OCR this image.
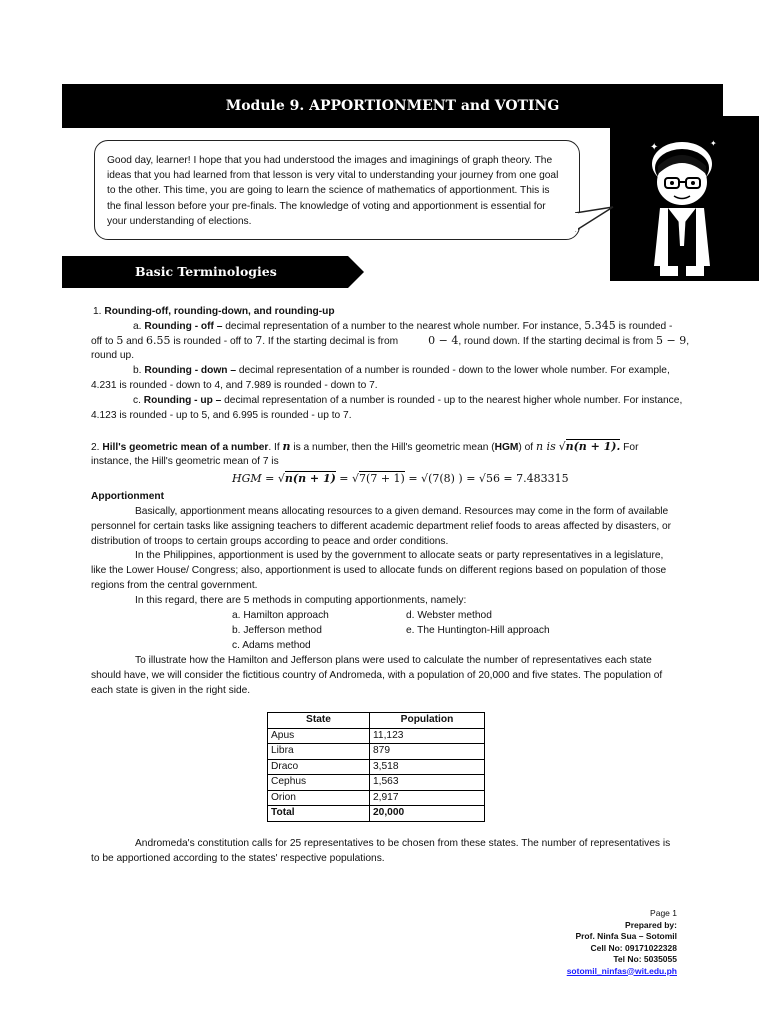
Module 9. APPORTIONMENT and VOTING
✦	✦
Good day, learner! I hope that you had understood the images and imaginings of graph theory. The
ideas that you had learned from that lesson is very vital to understanding your journey from one goal
to the other. This time, you are going to learn the science of mathematics of apportionment. This is
the final lesson before your pre-finals. The knowledge of voting and apportionment is essential for
your understanding of elections.
Basic Terminologies
1. Rounding-off, rounding-down, and rounding-up
a. Rounding - off – decimal representation of a number to the nearest whole number. For instance, 5.345 is rounded -
off to 5 and 6.55 is rounded - off to 7. If the starting decimal is from	0 − 4, round down. If the starting decimal is from 5 − 9,
round up.
b. Rounding - down – decimal representation of a number is rounded - down to the lower whole number. For example,
4.231 is rounded - down to 4, and 7.989 is rounded - down to 7.
c. Rounding - up – decimal representation of a number is rounded - up to the nearest higher whole number. For instance,
4.123 is rounded - up to 5, and 6.995 is rounded - up to 7.
2. Hill's geometric mean of a number. If n is a number, then the Hill's geometric mean (HGM) of n is √n(n + 1). For
instance, the Hill's geometric mean of 7 is
HGM = √n(n + 1) = √7(7 + 1) = √(7(8) ) = √56 = 7.483315
Apportionment
Basically, apportionment means allocating resources to a given demand. Resources may come in the form of available
personnel for certain tasks like assigning teachers to different academic department relief foods to areas affected by disasters, or
distribution of troops to certain groups according to peace and order conditions.
In the Philippines, apportionment is used by the government to allocate seats or party representatives in a legislature,
like the Lower House/ Congress; also, apportionment is used to allocate funds on different regions based on population of those
regions from the central government.
In this regard, there are 5 methods in computing apportionments, namely:
a. Hamilton approach
b. Jefferson method
c. Adams method
d. Webster method
e. The Huntington-Hill approach
To illustrate how the Hamilton and Jefferson plans were used to calculate the number of representatives each state
should have, we will consider the fictitious country of Andromeda, with a population of 20,000 and five states. The population of
each state is given in the right side.
State	Population
Apus	11,123
Libra	879
Draco	3,518
Cephus	1,563
Orion	2,917
Total	20,000
Andromeda's constitution calls for 25 representatives to be chosen from these states. The number of representatives is
to be apportioned according to the states' respective populations.
Page 1
Prepared by:
Prof. Ninfa Sua – Sotomil
Cell No: 09171022328
Tel No: 5035055
sotomil_ninfas@wit.edu.ph
